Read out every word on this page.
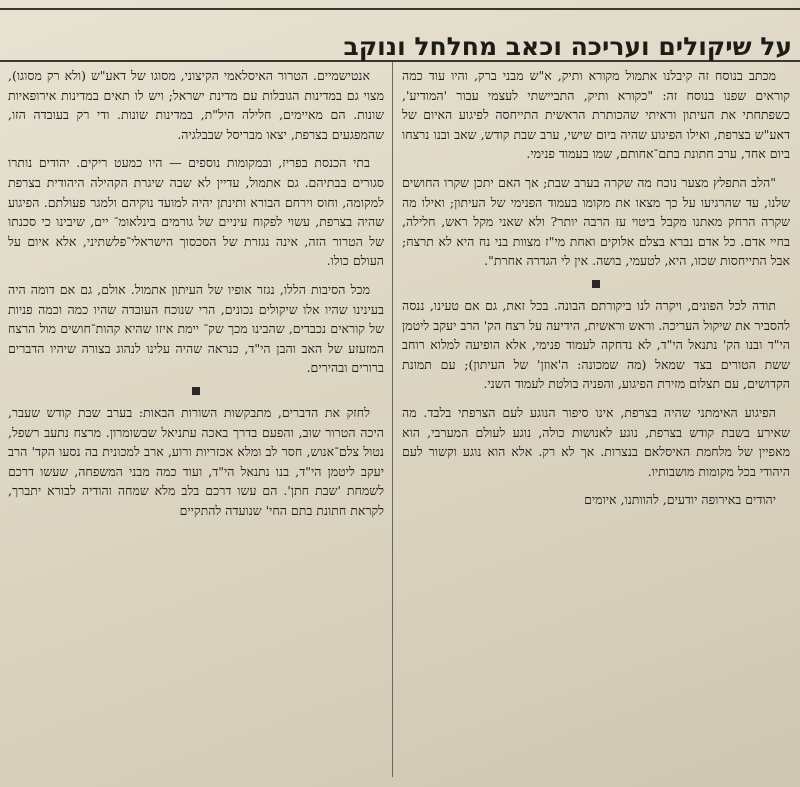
על שיקולים ועריכה וכאב מחלחל ונוקב

מכתב בנוסח זה קיבלנו אתמול מקורא ותיק, א"ש מבני ברק, והיו עוד כמה קוראים שפנו בנוסח זה: "כקורא ותיק, התביישתי לעצמי עבור 'המודיע', כשפתחתי את העיתון וראיתי שהכותרת הראשית התייחסה לפיגוע האיום של דאע"ש בצרפת, ואילו הפיגוע שהיה ביום שישי, ערב שבת קודש, שאב ובנו נרצחו ביום אחד, ערב חתונת בתם־אחותם, שמו בעמוד פנימי.

"הלב התפלץ מצער נוכח מה שקרה בערב שבת; אך האם יתכן שקרו החושים שלנו, עד שהרגיעו על כך מצאו את מקומו בעמוד הפנימי של העיתון; ואילו מה שקרה הרחק מאתנו מקבל ביטוי עז הרבה יותר? ולא שאני מקל ראש, חלילה, בחיי אדם. כל אדם נברא בצלם אלוקים ואחת מי"ז מצוות בני נח היא לא תרצח; אבל התייחסות שכזו, היא, לטעמי, בושה. אין לי הגדרה אחרת".

תודה לכל הפונים, ויקרה לנו ביקורתם הבונה. בכל זאת, גם אם טעינו, ננסה להסביר את שיקול העריכה. וראש וראשית, הידיעה על רצח הק' הרב יעקב ליטמן הי"ד ובנו הק' נתנאל הי"ד, לא נדחקה לעמוד פנימי, אלא הופיעה למלוא רוחב ששת הטורים בצד שמאל (מה שמכונה: ה'אוזן' של העיתון); עם תמונת הקדושים, עם תצלום מזירת הפיגוע, והפניה בולטת לעמוד השני.

הפיגוע האימתני שהיה בצרפת, אינו סיפור הנוגע לעם הצרפתי בלבד. מה שאירע בשבת קודש בצרפת, נוגע לאנושות כולה, נוגע לעולם המערבי, הוא מאפיין של מלחמת האיסלאם בנצרות. אך לא רק. אלא הוא נוגע וקשור לעם היהודי בכל מקומות מושבותיו.

יהודים באירופה יודעים, להוותנו, איומים

אנטישמיים. הטרור האיסלאמי הקיצוני, מסוגו של דאע"ש (ולא רק מסוגו), מצוי גם במדינות הגובלות עם מדינת ישראל; ויש לו תאים במדינות אירופאיות שונות. הם מאיימים, חלילה היל"ת, במדינות שונות. ודי רק בעובדה הזו, שהמפגעים בצרפת, יצאו מבריסל שבבלגיה.

בתי הכנסת בפריז, ובמקומות נוספים — היו כמעט ריקים. יהודים נותרו סגורים בבתיהם. גם אתמול, עדיין לא שבה שיגרת הקהילה היהודית בצרפת למקומה, וחוס וירחם הבורא ותינתן יהיה למועד נוקיהם ולמגר פעולתם. הפיגוע שהיה בצרפת, עשוי לפקוח עיניים של גורמים בינלאומ־ יים, שיבינו כי סכנתו של הטרור הזה, אינה נגזרת של הסכסוך הישראלי־פלשתיני, אלא איום על העולם כולו.

מכל הסיבות הללו, נגזר אופיו של העיתון אתמול. אולם, גם אם דומה היה בעינינו שהיו אלו שיקולים נכונים, הרי שנוכח העובדה שהיו כמה וכמה פניות של קוראים נכבדים, שהבינו מכך שק־ יימת איזו שהיא קהות־חושים מול הרצח המזעזע של האב והבן הי"ד, כנראה שהיה עלינו לנהוג בצורה שיהיו הדברים ברורים ובהירים.

לחזק את הדברים, מתבקשות השורות הבאות: בערב שבת קודש שעבר, היכה הטרור שוב, והפעם בדרך באכה עתניאל שבשומרון. מרצח נתעב רשפל, נטול צלם־אנוש, חסר לב ומלא אכזריות ורוע, ארב למכונית בה נסעו הקד' הרב יעקב ליטמן הי"ד, בנו נתנאל הי"ד, ועוד כמה מבני המשפחה, שעשו דרכם לשמחת 'שבת חתן'. הם עשו דרכם בלב מלא שמחה והודיה לבורא יתברך, לקראת חתונת בתם החי' שנועדה להתקיים
